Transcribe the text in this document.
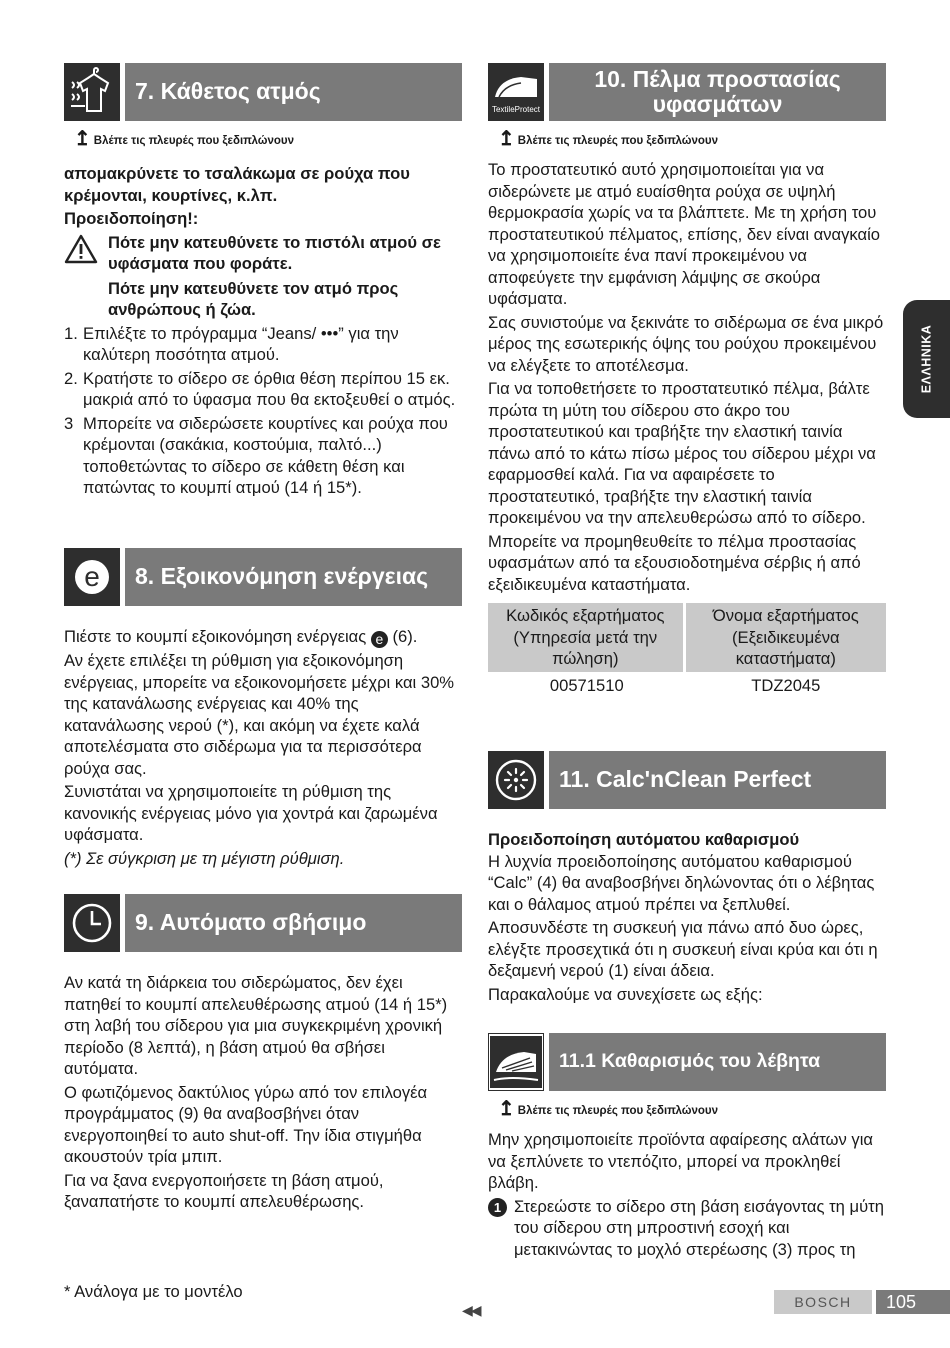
7. Κάθετος ατμός
↥ Βλέπε τις πλευρές που ξεδιπλώνουν

απομακρύνετε το τσαλάκωμα σε ρούχα που κρέμονται, κουρτίνες, κ.λπ.

Προειδοποίηση!:

Πότε μην κατευθύνετε το πιστόλι ατμού σε υφάσματα που φοράτε.

Πότε μην κατευθύνετε τον ατμό προς ανθρώπους ή ζώα.

1. Επιλέξτε το πρόγραμμα “Jeans/ •••” για την καλύτερη ποσότητα ατμού.
2. Κρατήστε το σίδερο σε όρθια θέση περίπου 15 εκ. μακριά από το ύφασμα που θα εκτοξευθεί ο ατμός.
3 Μπορείτε να σιδερώσετε κουρτίνες και ρούχα που κρέμονται (σακάκια, κοστούμια, παλτό...) τοποθετώντας το σίδερο σε κάθετη θέση και πατώντας το κουμπί ατμού (14 ή 15*).
e	8. Εξοικονόμηση ενέργειας

Πιέστε το κουμπί εξοικονόμηση ενέργειας e (6).

Αν έχετε επιλέξει τη ρύθμιση για εξοικονόμηση ενέργειας, μπορείτε να εξοικονομήσετε μέχρι και 30% της κατανάλωσης ενέργειας και 40% της κατανάλωσης νερού (*), και ακόμη να έχετε καλά αποτελέσματα στο σιδέρωμα για τα περισσότερα ρούχα σας.

Συνιστάται να χρησιμοποιείτε τη ρύθμιση της κανονικής ενέργειας μόνο για χοντρά και ζαρωμένα υφάσματα.

(*) Σε σύγκριση με τη μέγιστη ρύθμιση.

9. Αυτόματο σβήσιμο

Αν κατά τη διάρκεια του σιδερώματος, δεν έχει πατηθεί το κουμπί απελευθέρωσης ατμού (14 ή 15*) στη λαβή του σίδερου για μια συγκεκριμένη χρονική περίοδο (8 λεπτά), η βάση ατμού θα σβήσει αυτόματα.

Ο φωτιζόμενος δακτύλιος γύρω από τον επιλογέα προγράμματος (9) θα αναβοσβήνει όταν ενεργοποιηθεί το auto shut-off. Την ίδια στιγμήθα ακουστούν τρία μπιπ.

Για να ξανα ενεργοποιήσετε τη βάση ατμού, ξαναπατήστε το κουμπί απελευθέρωσης.

TextileProtect
10. Πέλμα προστασίας υφασμάτων
↥ Βλέπε τις πλευρές που ξεδιπλώνουν

Το προστατευτικό αυτό χρησιμοποιείται για να σιδερώνετε με ατμό ευαίσθητα ρούχα σε υψηλή θερμοκρασία χωρίς να τα βλάπτετε. Με τη χρήση του προστατευτικού πέλματος, επίσης, δεν είναι αναγκαίο να χρησιμοποιείτε ένα πανί προκειμένου να αποφεύγετε την εμφάνιση λάμψης σε σκούρα υφάσματα.

Σας συνιστούμε να ξεκινάτε το σιδέρωμα σε ένα μικρό μέρος της εσωτερικής όψης του ρούχου προκειμένου να ελέγξετε το αποτέλεσμα.

Για να τοποθετήσετε το προστατευτικό πέλμα, βάλτε πρώτα τη μύτη του σίδερου στο άκρο του προστατευτικού και τραβήξτε την ελαστική ταινία πάνω από το κάτω πίσω μέρος του σίδερου μέχρι να εφαρμοσθεί καλά. Για να αφαιρέσετε το προστατευτικό, τραβήξτε την ελαστική ταινία προκειμένου να την απελευθερώσω από το σίδερο.

Μπορείτε να προμηθευθείτε το πέλμα προστασίας υφασμάτων από τα εξουσιοδοτημένα σέρβις ή από εξειδικευμένα καταστήματα.

Κωδικός εξαρτήματος (Υπηρεσία μετά την πώληση)	Όνομα εξαρτήματος (Εξειδικευμένα καταστήματα)
00571510	TDZ2045
11. Calc'nClean Perfect

Προειδοποίηση αυτόματου καθαρισμού

Η λυχνία προειδοποίησης αυτόματου καθαρισμού “Calc” (4) θα αναβοσβήνει δηλώνοντας ότι ο λέβητας και ο θάλαμος ατμού πρέπει να ξεπλυθεί.

Αποσυνδέστε τη συσκευή για πάνω από δυο ώρες, ελέγξτε προσεχτικά ότι η συσκευή είναι κρύα και ότι η δεξαμενή νερού (1) είναι άδεια.

Παρακαλούμε να συνεχίσετε ως εξής:

11.1 Καθαρισμός του λέβητα
↥ Βλέπε τις πλευρές που ξεδιπλώνουν

Μην χρησιμοποιείτε προϊόντα αφαίρεσης αλάτων για να ξεπλύνετε το ντεπόζιτο, μπορεί να προκληθεί βλάβη.

1 Στερεώστε το σίδερο στη βάση εισάγοντας τη μύτη του σίδερου στη μπροστινή εσοχή και μετακινώντας το μοχλό στερέωσης (3) προς τη

ΕΛΛΗΝΙΚΑ
* Ανάλογα με το μοντέλο
◀◀	BOSCH	105
